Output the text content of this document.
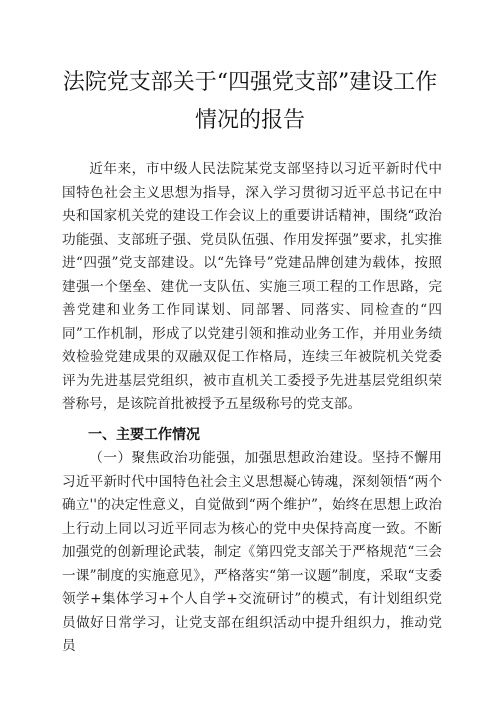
法院党支部关于“四强党支部”建设工作
情况的报告

近年来，市中级人民法院某党支部坚持以习近平新时代中国特色社会主义思想为指导，深入学习贯彻习近平总书记在中央和国家机关党的建设工作会议上的重要讲话精神，围绕“政治功能强、支部班子强、党员队伍强、作用发挥强”要求，扎实推进“四强”党支部建设。以“先锋号”党建品牌创建为载体，按照建强一个堡垒、建优一支队伍、实施三项工程的工作思路，完善党建和业务工作同谋划、同部署、同落实、同检查的“四同”工作机制，形成了以党建引领和推动业务工作，并用业务绩效检验党建成果的双融双促工作格局，连续三年被院机关党委评为先进基层党组织，被市直机关工委授予先进基层党组织荣誉称号，是该院首批被授予五星级称号的党支部。

一、主要工作情况

（一）聚焦政治功能强，加强思想政治建设。坚持不懈用习近平新时代中国特色社会主义思想凝心铸魂，深刻领悟“两个确立''的决定性意义，自觉做到“两个维护”，始终在思想上政治上行动上同以习近平同志为核心的党中央保持高度一致。不断加强党的创新理论武装，制定《第四党支部关于严格规范“三会一课”制度的实施意见》，严格落实“第一议题”制度，采取“支委领学+集体学习+个人自学+交流研讨”的模式，有计划组织党员做好日常学习，让党支部在组织活动中提升组织力，推动党员
